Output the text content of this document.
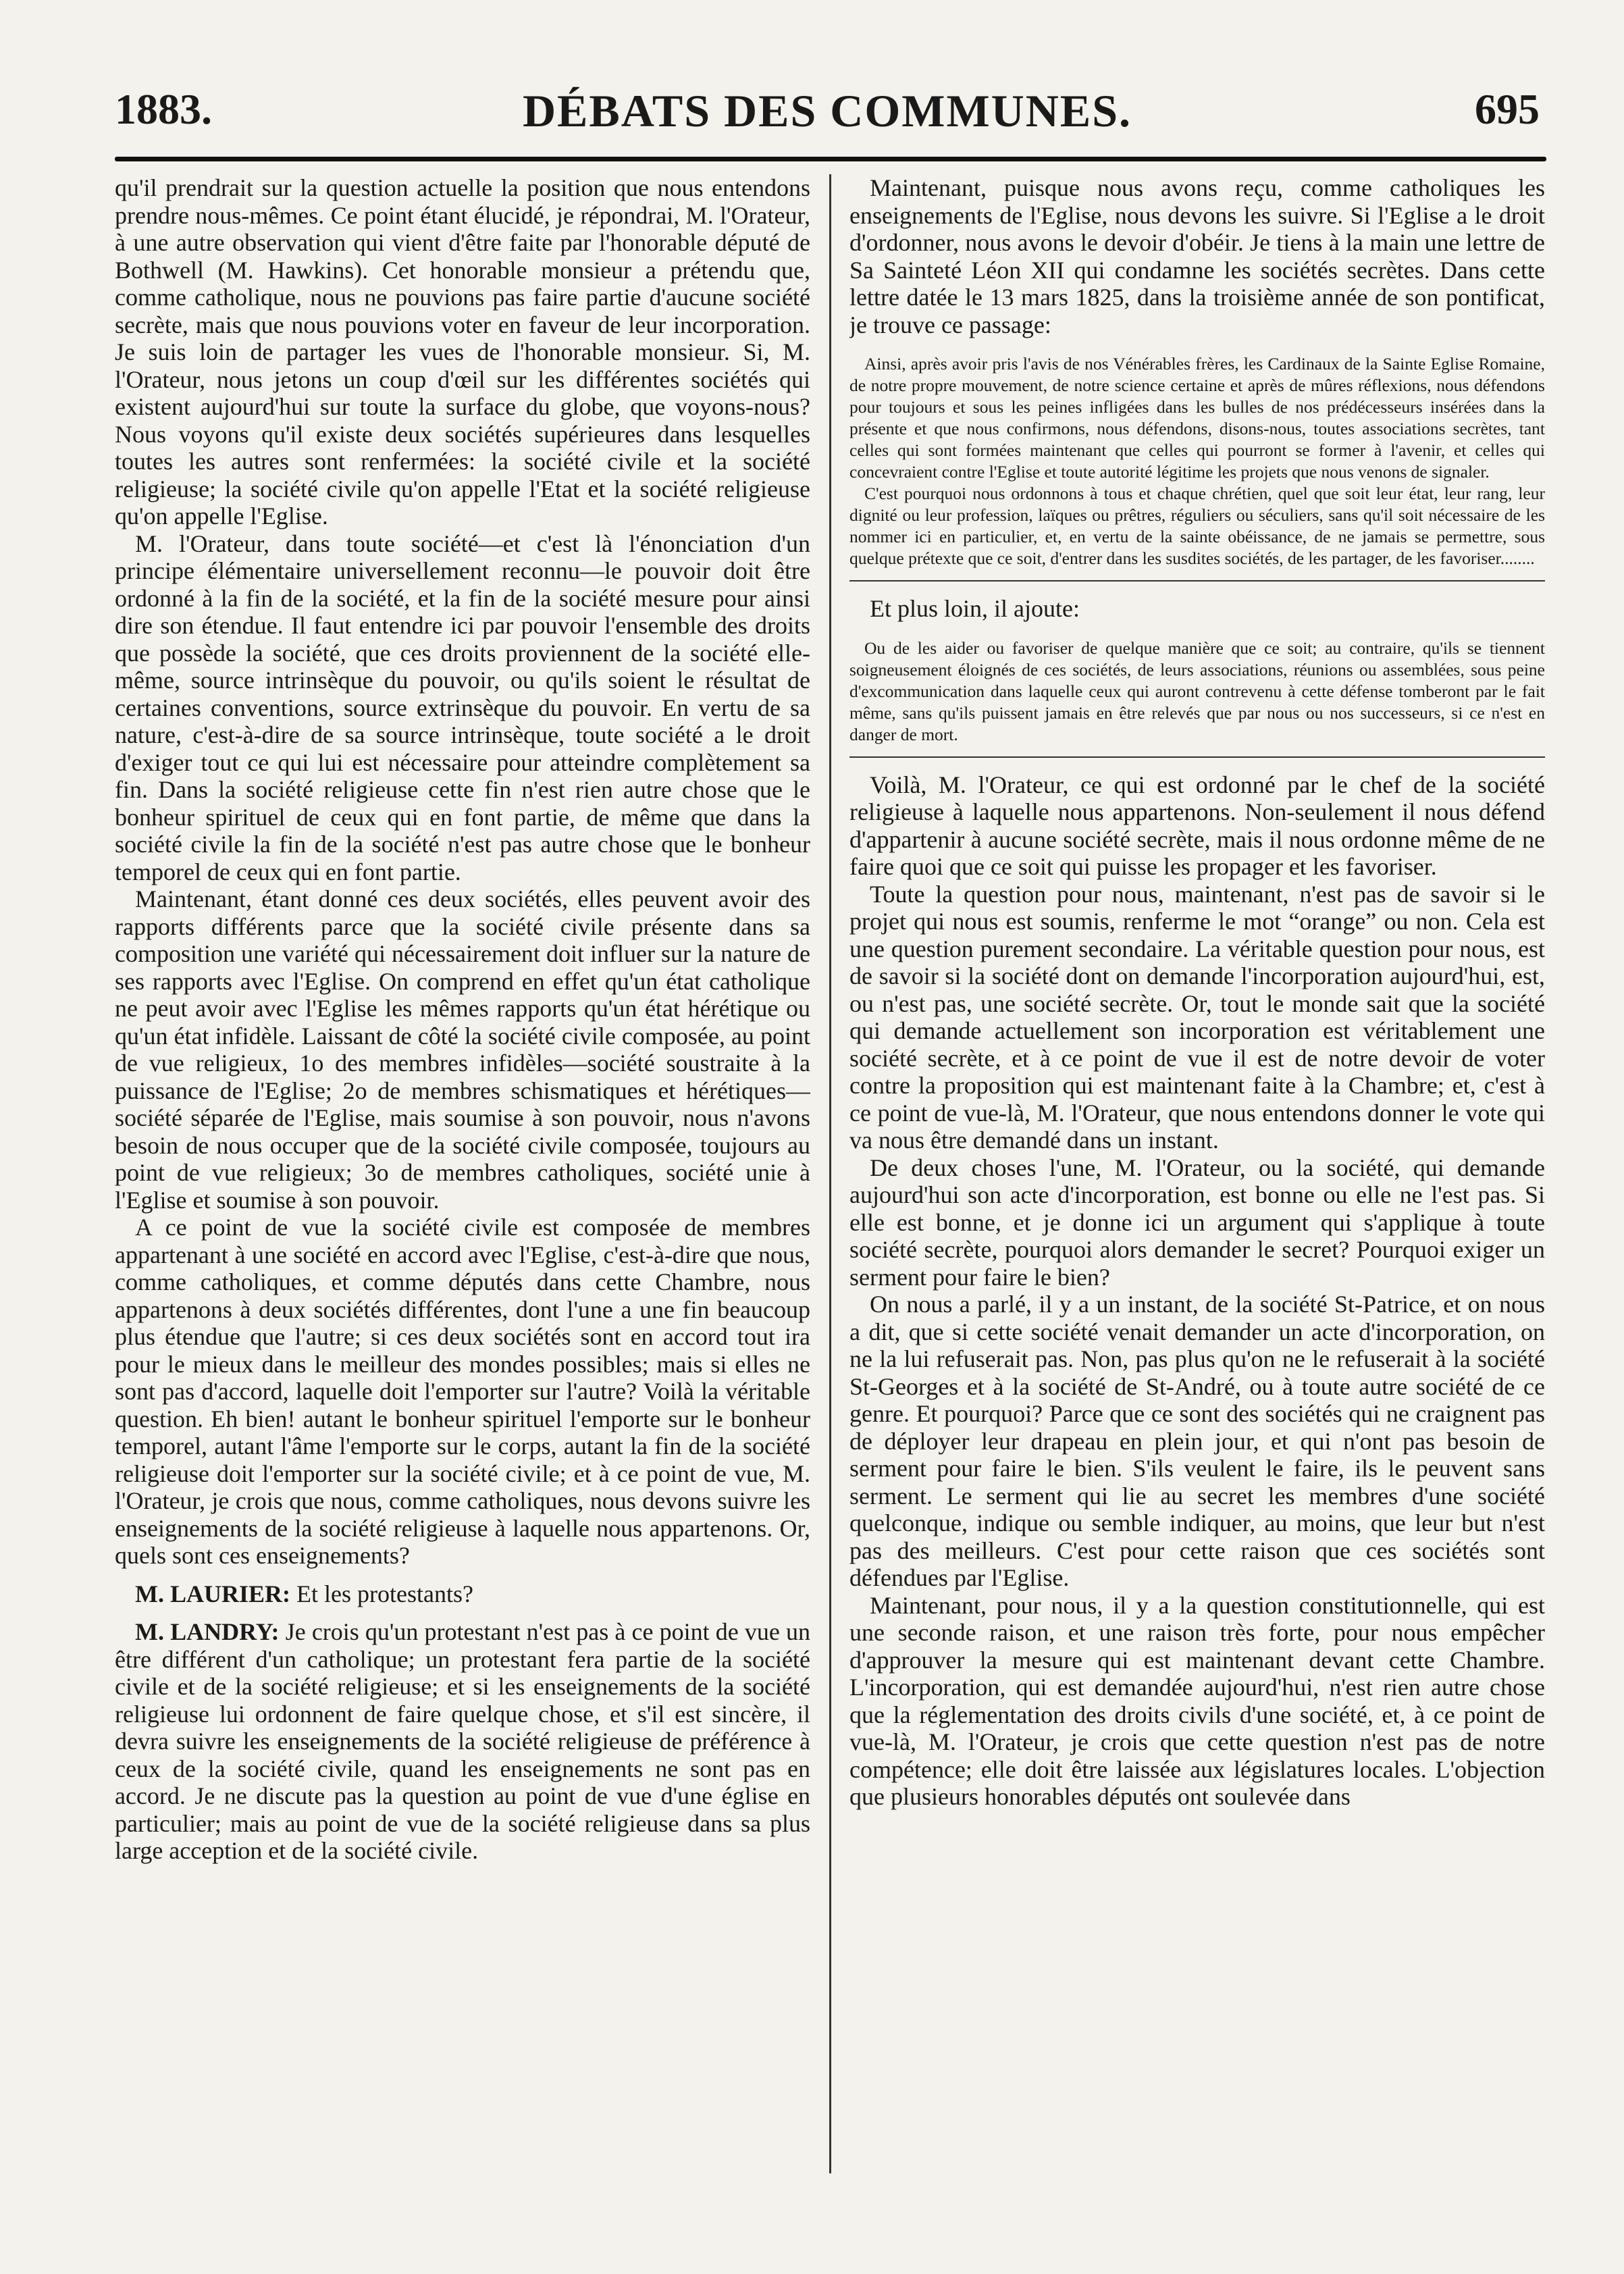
1883.	DÉBATS DES COMMUNES.	695

qu'il prendrait sur la question actuelle la position que nous entendons prendre nous-mêmes. Ce point étant élucidé, je répondrai, M. l'Orateur, à une autre observation qui vient d'être faite par l'honorable député de Bothwell (M. Hawkins). Cet honorable monsieur a prétendu que, comme catholique, nous ne pouvions pas faire partie d'aucune société secrète, mais que nous pouvions voter en faveur de leur incorporation. Je suis loin de partager les vues de l'honorable monsieur. Si, M. l'Orateur, nous jetons un coup d'œil sur les différentes sociétés qui existent aujourd'hui sur toute la surface du globe, que voyons-nous? Nous voyons qu'il existe deux sociétés supérieures dans lesquelles toutes les autres sont renfermées: la société civile et la société religieuse; la société civile qu'on appelle l'Etat et la société religieuse qu'on appelle l'Eglise.

M. l'Orateur, dans toute société—et c'est là l'énonciation d'un principe élémentaire universellement reconnu—le pouvoir doit être ordonné à la fin de la société, et la fin de la société mesure pour ainsi dire son étendue. Il faut entendre ici par pouvoir l'ensemble des droits que possède la société, que ces droits proviennent de la société elle-même, source intrinsèque du pouvoir, ou qu'ils soient le résultat de certaines conventions, source extrinsèque du pouvoir. En vertu de sa nature, c'est-à-dire de sa source intrinsèque, toute société a le droit d'exiger tout ce qui lui est nécessaire pour atteindre complètement sa fin. Dans la société religieuse cette fin n'est rien autre chose que le bonheur spirituel de ceux qui en font partie, de même que dans la société civile la fin de la société n'est pas autre chose que le bonheur temporel de ceux qui en font partie.

Maintenant, étant donné ces deux sociétés, elles peuvent avoir des rapports différents parce que la société civile présente dans sa composition une variété qui nécessairement doit influer sur la nature de ses rapports avec l'Eglise. On comprend en effet qu'un état catholique ne peut avoir avec l'Eglise les mêmes rapports qu'un état hérétique ou qu'un état infidèle. Laissant de côté la société civile composée, au point de vue religieux, 1o des membres infidèles—société soustraite à la puissance de l'Eglise; 2o de membres schismatiques et hérétiques—société séparée de l'Eglise, mais soumise à son pouvoir, nous n'avons besoin de nous occuper que de la société civile composée, toujours au point de vue religieux; 3o de membres catholiques, société unie à l'Eglise et soumise à son pouvoir.

A ce point de vue la société civile est composée de membres appartenant à une société en accord avec l'Eglise, c'est-à-dire que nous, comme catholiques, et comme députés dans cette Chambre, nous appartenons à deux sociétés différentes, dont l'une a une fin beaucoup plus étendue que l'autre; si ces deux sociétés sont en accord tout ira pour le mieux dans le meilleur des mondes possibles; mais si elles ne sont pas d'accord, laquelle doit l'emporter sur l'autre? Voilà la véritable question. Eh bien! autant le bonheur spirituel l'emporte sur le bonheur temporel, autant l'âme l'emporte sur le corps, autant la fin de la société religieuse doit l'emporter sur la société civile; et à ce point de vue, M. l'Orateur, je crois que nous, comme catholiques, nous devons suivre les enseignements de la société religieuse à laquelle nous appartenons. Or, quels sont ces enseignements?

M. LAURIER: Et les protestants?

M. LANDRY: Je crois qu'un protestant n'est pas à ce point de vue un être différent d'un catholique; un protestant fera partie de la société civile et de la société religieuse; et si les enseignements de la société religieuse lui ordonnent de faire quelque chose, et s'il est sincère, il devra suivre les enseignements de la société religieuse de préférence à ceux de la société civile, quand les enseignements ne sont pas en accord. Je ne discute pas la question au point de vue d'une église en particulier; mais au point de vue de la société religieuse dans sa plus large acception et de la société civile.

Maintenant, puisque nous avons reçu, comme catholiques les enseignements de l'Eglise, nous devons les suivre. Si l'Eglise a le droit d'ordonner, nous avons le devoir d'obéir. Je tiens à la main une lettre de Sa Sainteté Léon XII qui condamne les sociétés secrètes. Dans cette lettre datée le 13 mars 1825, dans la troisième année de son pontificat, je trouve ce passage:

Ainsi, après avoir pris l'avis de nos Vénérables frères, les Cardinaux de la Sainte Eglise Romaine, de notre propre mouvement, de notre science certaine et après de mûres réflexions, nous défendons pour toujours et sous les peines infligées dans les bulles de nos prédécesseurs insérées dans la présente et que nous confirmons, nous défendons, disons-nous, toutes associations secrètes, tant celles qui sont formées maintenant que celles qui pourront se former à l'avenir, et celles qui concevraient contre l'Eglise et toute autorité légitime les projets que nous venons de signaler.

C'est pourquoi nous ordonnons à tous et chaque chrétien, quel que soit leur état, leur rang, leur dignité ou leur profession, laïques ou prêtres, réguliers ou séculiers, sans qu'il soit nécessaire de les nommer ici en particulier, et, en vertu de la sainte obéissance, de ne jamais se permettre, sous quelque prétexte que ce soit, d'entrer dans les susdites sociétés, de les partager, de les favoriser........

Et plus loin, il ajoute:

Ou de les aider ou favoriser de quelque manière que ce soit; au contraire, qu'ils se tiennent soigneusement éloignés de ces sociétés, de leurs associations, réunions ou assemblées, sous peine d'excommunication dans laquelle ceux qui auront contrevenu à cette défense tomberont par le fait même, sans qu'ils puissent jamais en être relevés que par nous ou nos successeurs, si ce n'est en danger de mort.

Voilà, M. l'Orateur, ce qui est ordonné par le chef de la société religieuse à laquelle nous appartenons. Non-seulement il nous défend d'appartenir à aucune société secrète, mais il nous ordonne même de ne faire quoi que ce soit qui puisse les propager et les favoriser.

Toute la question pour nous, maintenant, n'est pas de savoir si le projet qui nous est soumis, renferme le mot “orange” ou non. Cela est une question purement secondaire. La véritable question pour nous, est de savoir si la société dont on demande l'incorporation aujourd'hui, est, ou n'est pas, une société secrète. Or, tout le monde sait que la société qui demande actuellement son incorporation est véritablement une société secrète, et à ce point de vue il est de notre devoir de voter contre la proposition qui est maintenant faite à la Chambre; et, c'est à ce point de vue-là, M. l'Orateur, que nous entendons donner le vote qui va nous être demandé dans un instant.

De deux choses l'une, M. l'Orateur, ou la société, qui demande aujourd'hui son acte d'incorporation, est bonne ou elle ne l'est pas. Si elle est bonne, et je donne ici un argument qui s'applique à toute société secrète, pourquoi alors demander le secret? Pourquoi exiger un serment pour faire le bien?

On nous a parlé, il y a un instant, de la société St-Patrice, et on nous a dit, que si cette société venait demander un acte d'incorporation, on ne la lui refuserait pas. Non, pas plus qu'on ne le refuserait à la société St-Georges et à la société de St-André, ou à toute autre société de ce genre. Et pourquoi? Parce que ce sont des sociétés qui ne craignent pas de déployer leur drapeau en plein jour, et qui n'ont pas besoin de serment pour faire le bien. S'ils veulent le faire, ils le peuvent sans serment. Le serment qui lie au secret les membres d'une société quelconque, indique ou semble indiquer, au moins, que leur but n'est pas des meilleurs. C'est pour cette raison que ces sociétés sont défendues par l'Eglise.

Maintenant, pour nous, il y a la question constitutionnelle, qui est une seconde raison, et une raison très forte, pour nous empêcher d'approuver la mesure qui est maintenant devant cette Chambre. L'incorporation, qui est demandée aujourd'hui, n'est rien autre chose que la réglementation des droits civils d'une société, et, à ce point de vue-là, M. l'Orateur, je crois que cette question n'est pas de notre compétence; elle doit être laissée aux législatures locales. L'objection que plusieurs honorables députés ont soulevée dans
